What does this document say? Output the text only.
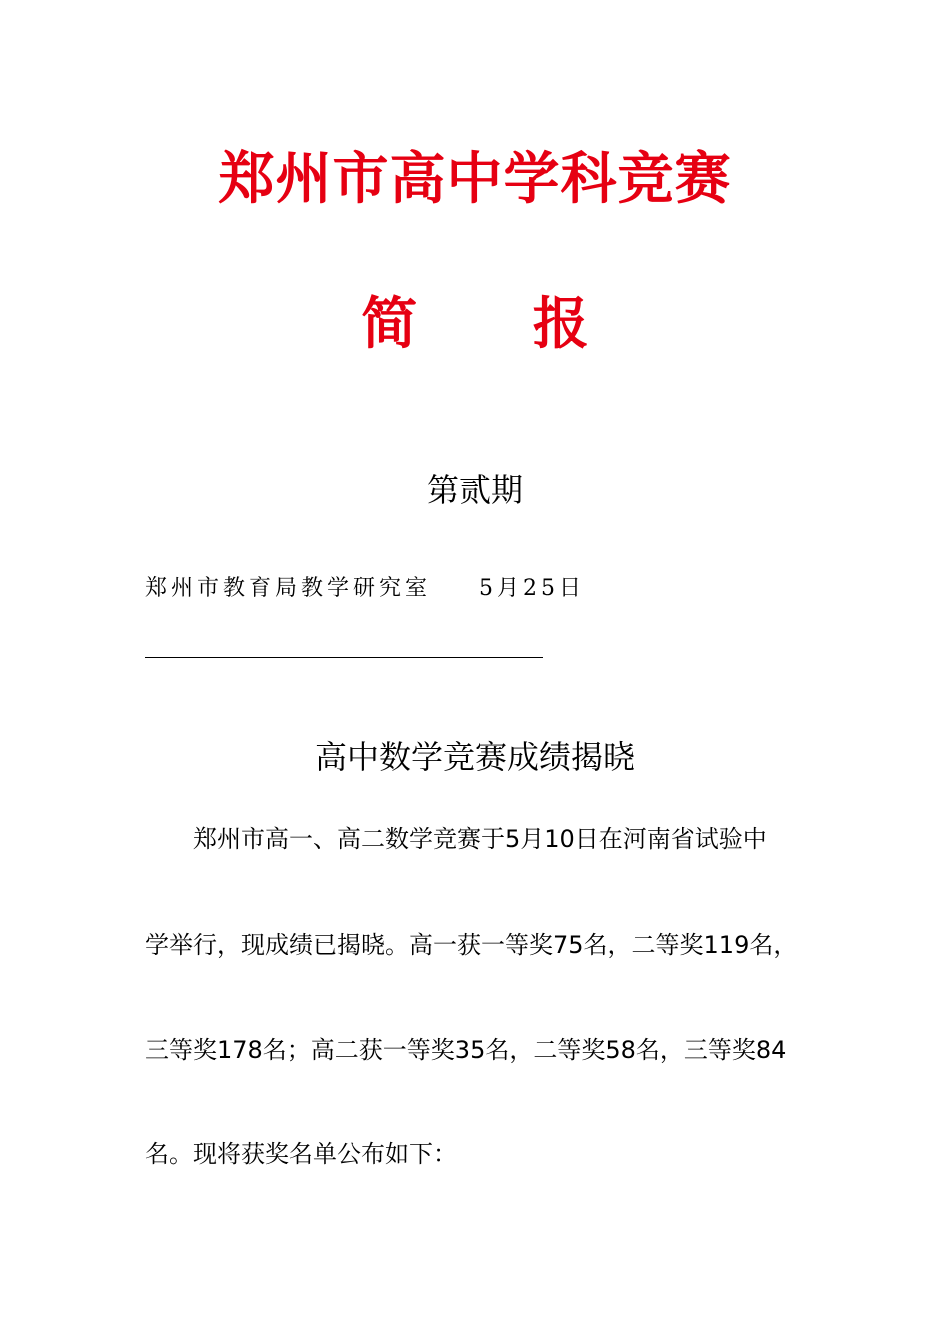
郑州市高中学科竞赛
简 报
第贰期
郑州市教育局教学研究室 5月25日
高中数学竞赛成绩揭晓
郑州市高一、高二数学竞赛于5月10日在河南省试验中
学举行，现成绩已揭晓。高一获一等奖75名，二等奖119名，
三等奖178名；高二获一等奖35名，二等奖58名，三等奖84
名。现将获奖名单公布如下：
